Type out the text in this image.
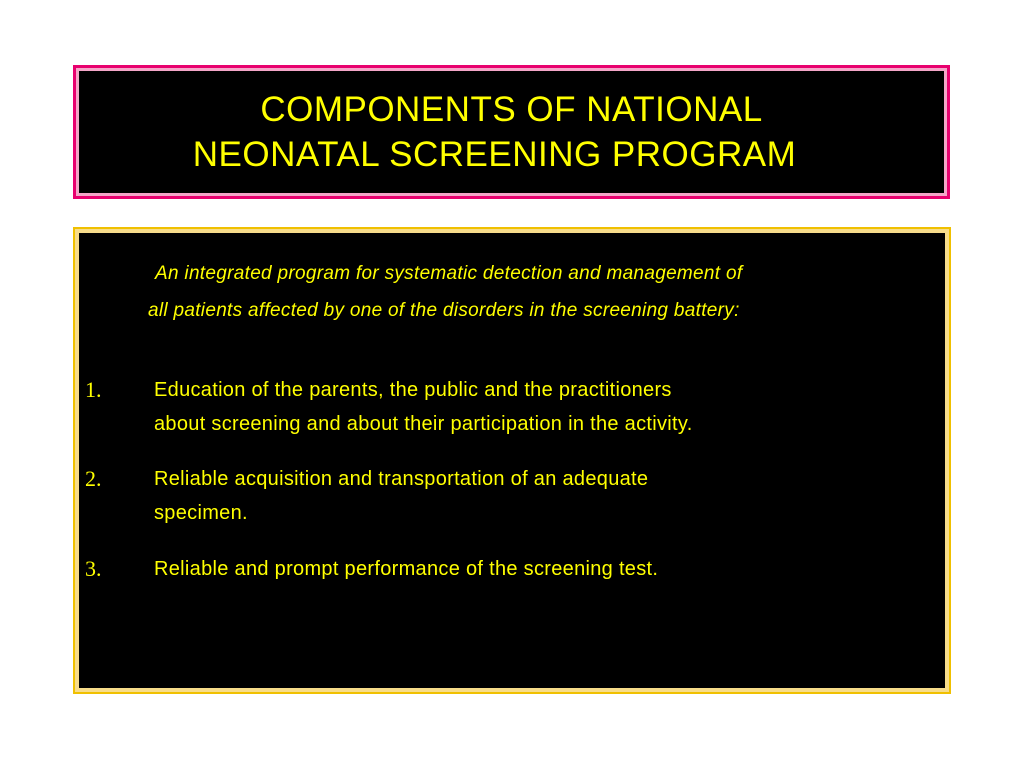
COMPONENTS OF NATIONAL
NEONATAL SCREENING PROGRAM
An integrated program for systematic detection and management of
all patients affected by one of the disorders in the screening battery:
1.	Education of the parents, the public and the practitioners
about screening and about their participation in the activity.
2.	Reliable acquisition and transportation of an adequate
specimen.
3.	Reliable and prompt performance of the screening test.
